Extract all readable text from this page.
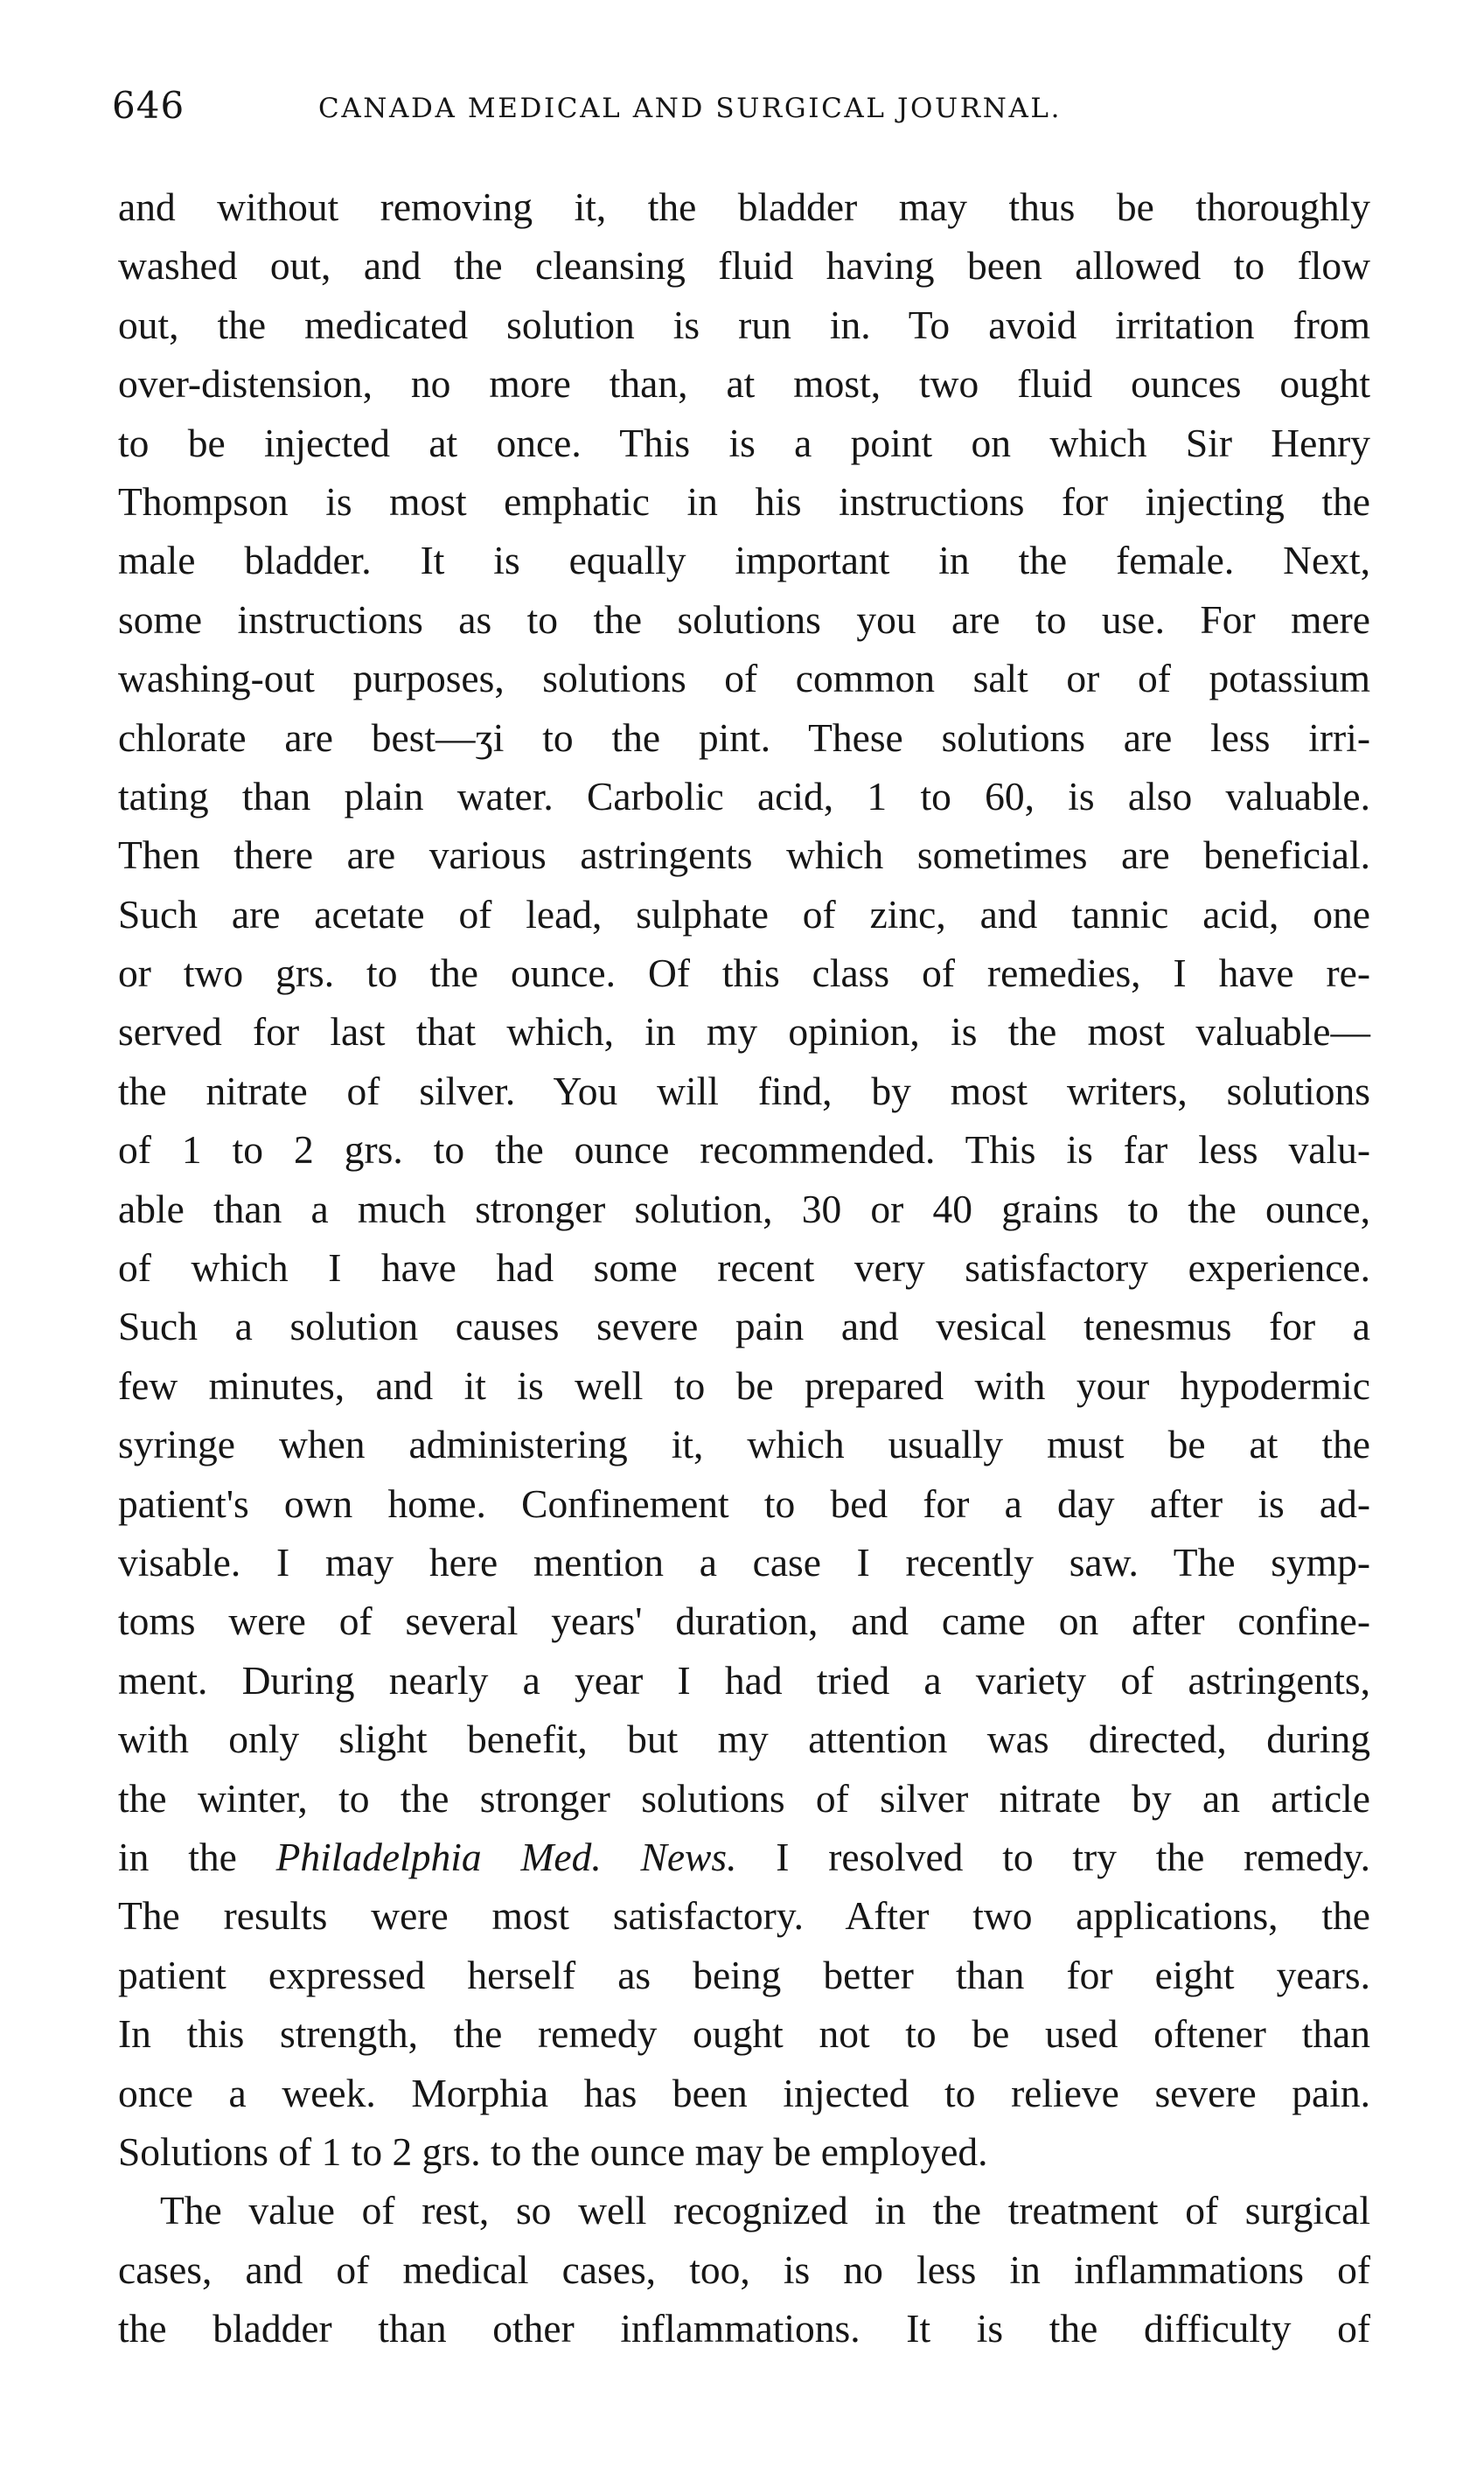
646	CANADA MEDICAL AND SURGICAL JOURNAL.
and without removing it, the bladder may thus be thoroughly
washed out, and the cleansing fluid having been allowed to flow
out, the medicated solution is run in. To avoid irritation from
over-distension, no more than, at most, two fluid ounces ought
to be injected at once. This is a point on which Sir Henry
Thompson is most emphatic in his instructions for injecting the
male bladder. It is equally important in the female. Next,
some instructions as to the solutions you are to use. For mere
washing-out purposes, solutions of common salt or of potassium
chlorate are best—ʒi to the pint. These solutions are less irri-
tating than plain water. Carbolic acid, 1 to 60, is also valuable.
Then there are various astringents which sometimes are beneficial.
Such are acetate of lead, sulphate of zinc, and tannic acid, one
or two grs. to the ounce. Of this class of remedies, I have re-
served for last that which, in my opinion, is the most valuable—
the nitrate of silver. You will find, by most writers, solutions
of 1 to 2 grs. to the ounce recommended. This is far less valu-
able than a much stronger solution, 30 or 40 grains to the ounce,
of which I have had some recent very satisfactory experience.
Such a solution causes severe pain and vesical tenesmus for a
few minutes, and it is well to be prepared with your hypodermic
syringe when administering it, which usually must be at the
patient's own home. Confinement to bed for a day after is ad-
visable. I may here mention a case I recently saw. The symp-
toms were of several years' duration, and came on after confine-
ment. During nearly a year I had tried a variety of astringents,
with only slight benefit, but my attention was directed, during
the winter, to the stronger solutions of silver nitrate by an article
in the Philadelphia Med. News. I resolved to try the remedy.
The results were most satisfactory. After two applications, the
patient expressed herself as being better than for eight years.
In this strength, the remedy ought not to be used oftener than
once a week. Morphia has been injected to relieve severe pain.
Solutions of 1 to 2 grs. to the ounce may be employed.
The value of rest, so well recognized in the treatment of surgical
cases, and of medical cases, too, is no less in inflammations of
the bladder than other inflammations. It is the difficulty of
